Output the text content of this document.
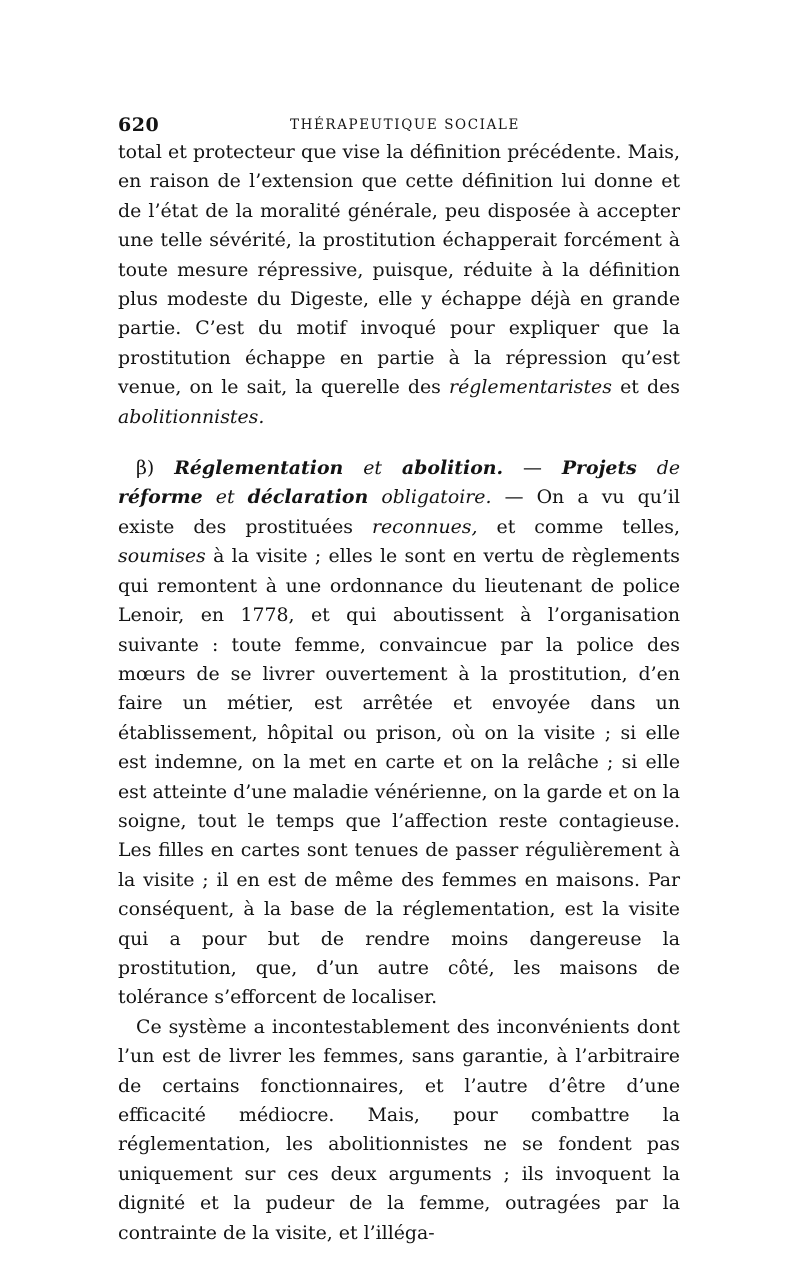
620	THÉRAPEUTIQUE SOCIALE

total et protecteur que vise la définition précédente. Mais, en raison de l’extension que cette définition lui donne et de l’état de la moralité générale, peu disposée à accepter une telle sévérité, la prostitution échapperait forcément à toute mesure répressive, puisque, réduite à la définition plus modeste du Digeste, elle y échappe déjà en grande partie. C’est du motif invoqué pour expliquer que la prostitution échappe en partie à la répression qu’est venue, on le sait, la querelle des réglementaristes et des abolitionnistes.

β) Réglementation et abolition. — Projets de réforme et déclaration obligatoire. — On a vu qu’il existe des prostituées reconnues, et comme telles, soumises à la visite ; elles le sont en vertu de règlements qui remontent à une ordonnance du lieutenant de police Lenoir, en 1778, et qui aboutissent à l’organisation suivante : toute femme, convaincue par la police des mœurs de se livrer ouvertement à la prostitution, d’en faire un métier, est arrêtée et envoyée dans un établissement, hôpital ou prison, où on la visite ; si elle est indemne, on la met en carte et on la relâche ; si elle est atteinte d’une maladie vénérienne, on la garde et on la soigne, tout le temps que l’affection reste contagieuse. Les filles en cartes sont tenues de passer régulièrement à la visite ; il en est de même des femmes en maisons. Par conséquent, à la base de la réglementation, est la visite qui a pour but de rendre moins dangereuse la prostitution, que, d’un autre côté, les maisons de tolérance s’efforcent de localiser.

Ce système a incontestablement des inconvénients dont l’un est de livrer les femmes, sans garantie, à l’arbitraire de certains fonctionnaires, et l’autre d’être d’une efficacité médiocre. Mais, pour combattre la réglementation, les abolitionnistes ne se fondent pas uniquement sur ces deux arguments ; ils invoquent la dignité et la pudeur de la femme, outragées par la contrainte de la visite, et l’illéga-
